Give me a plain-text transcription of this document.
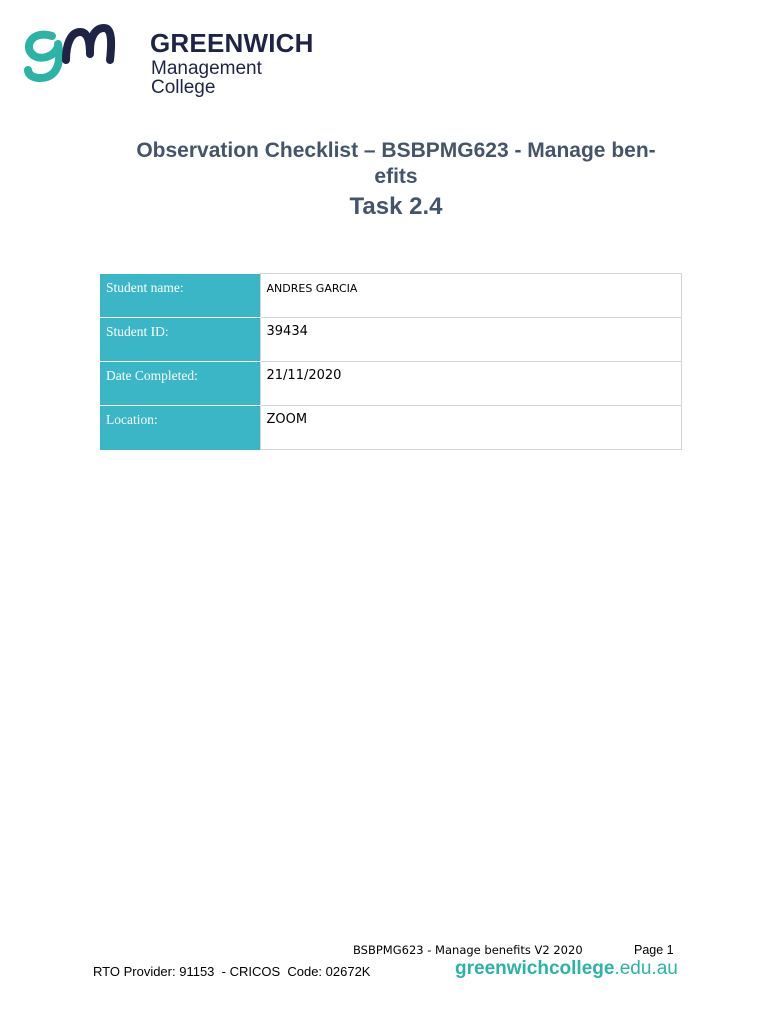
GREENWICH
Management College
Observation Checklist – BSBPMG623 - Manage ben-
efits
Task 2.4
Student name:	ANDRES GARCIA
Student ID:	39434
Date Completed:	21/11/2020
Location:	ZOOM
BSBPMG623 - Manage benefits V2 2020	Page 1
RTO Provider: 91153  - CRICOS  Code: 02672K	greenwichcollege.edu.au
